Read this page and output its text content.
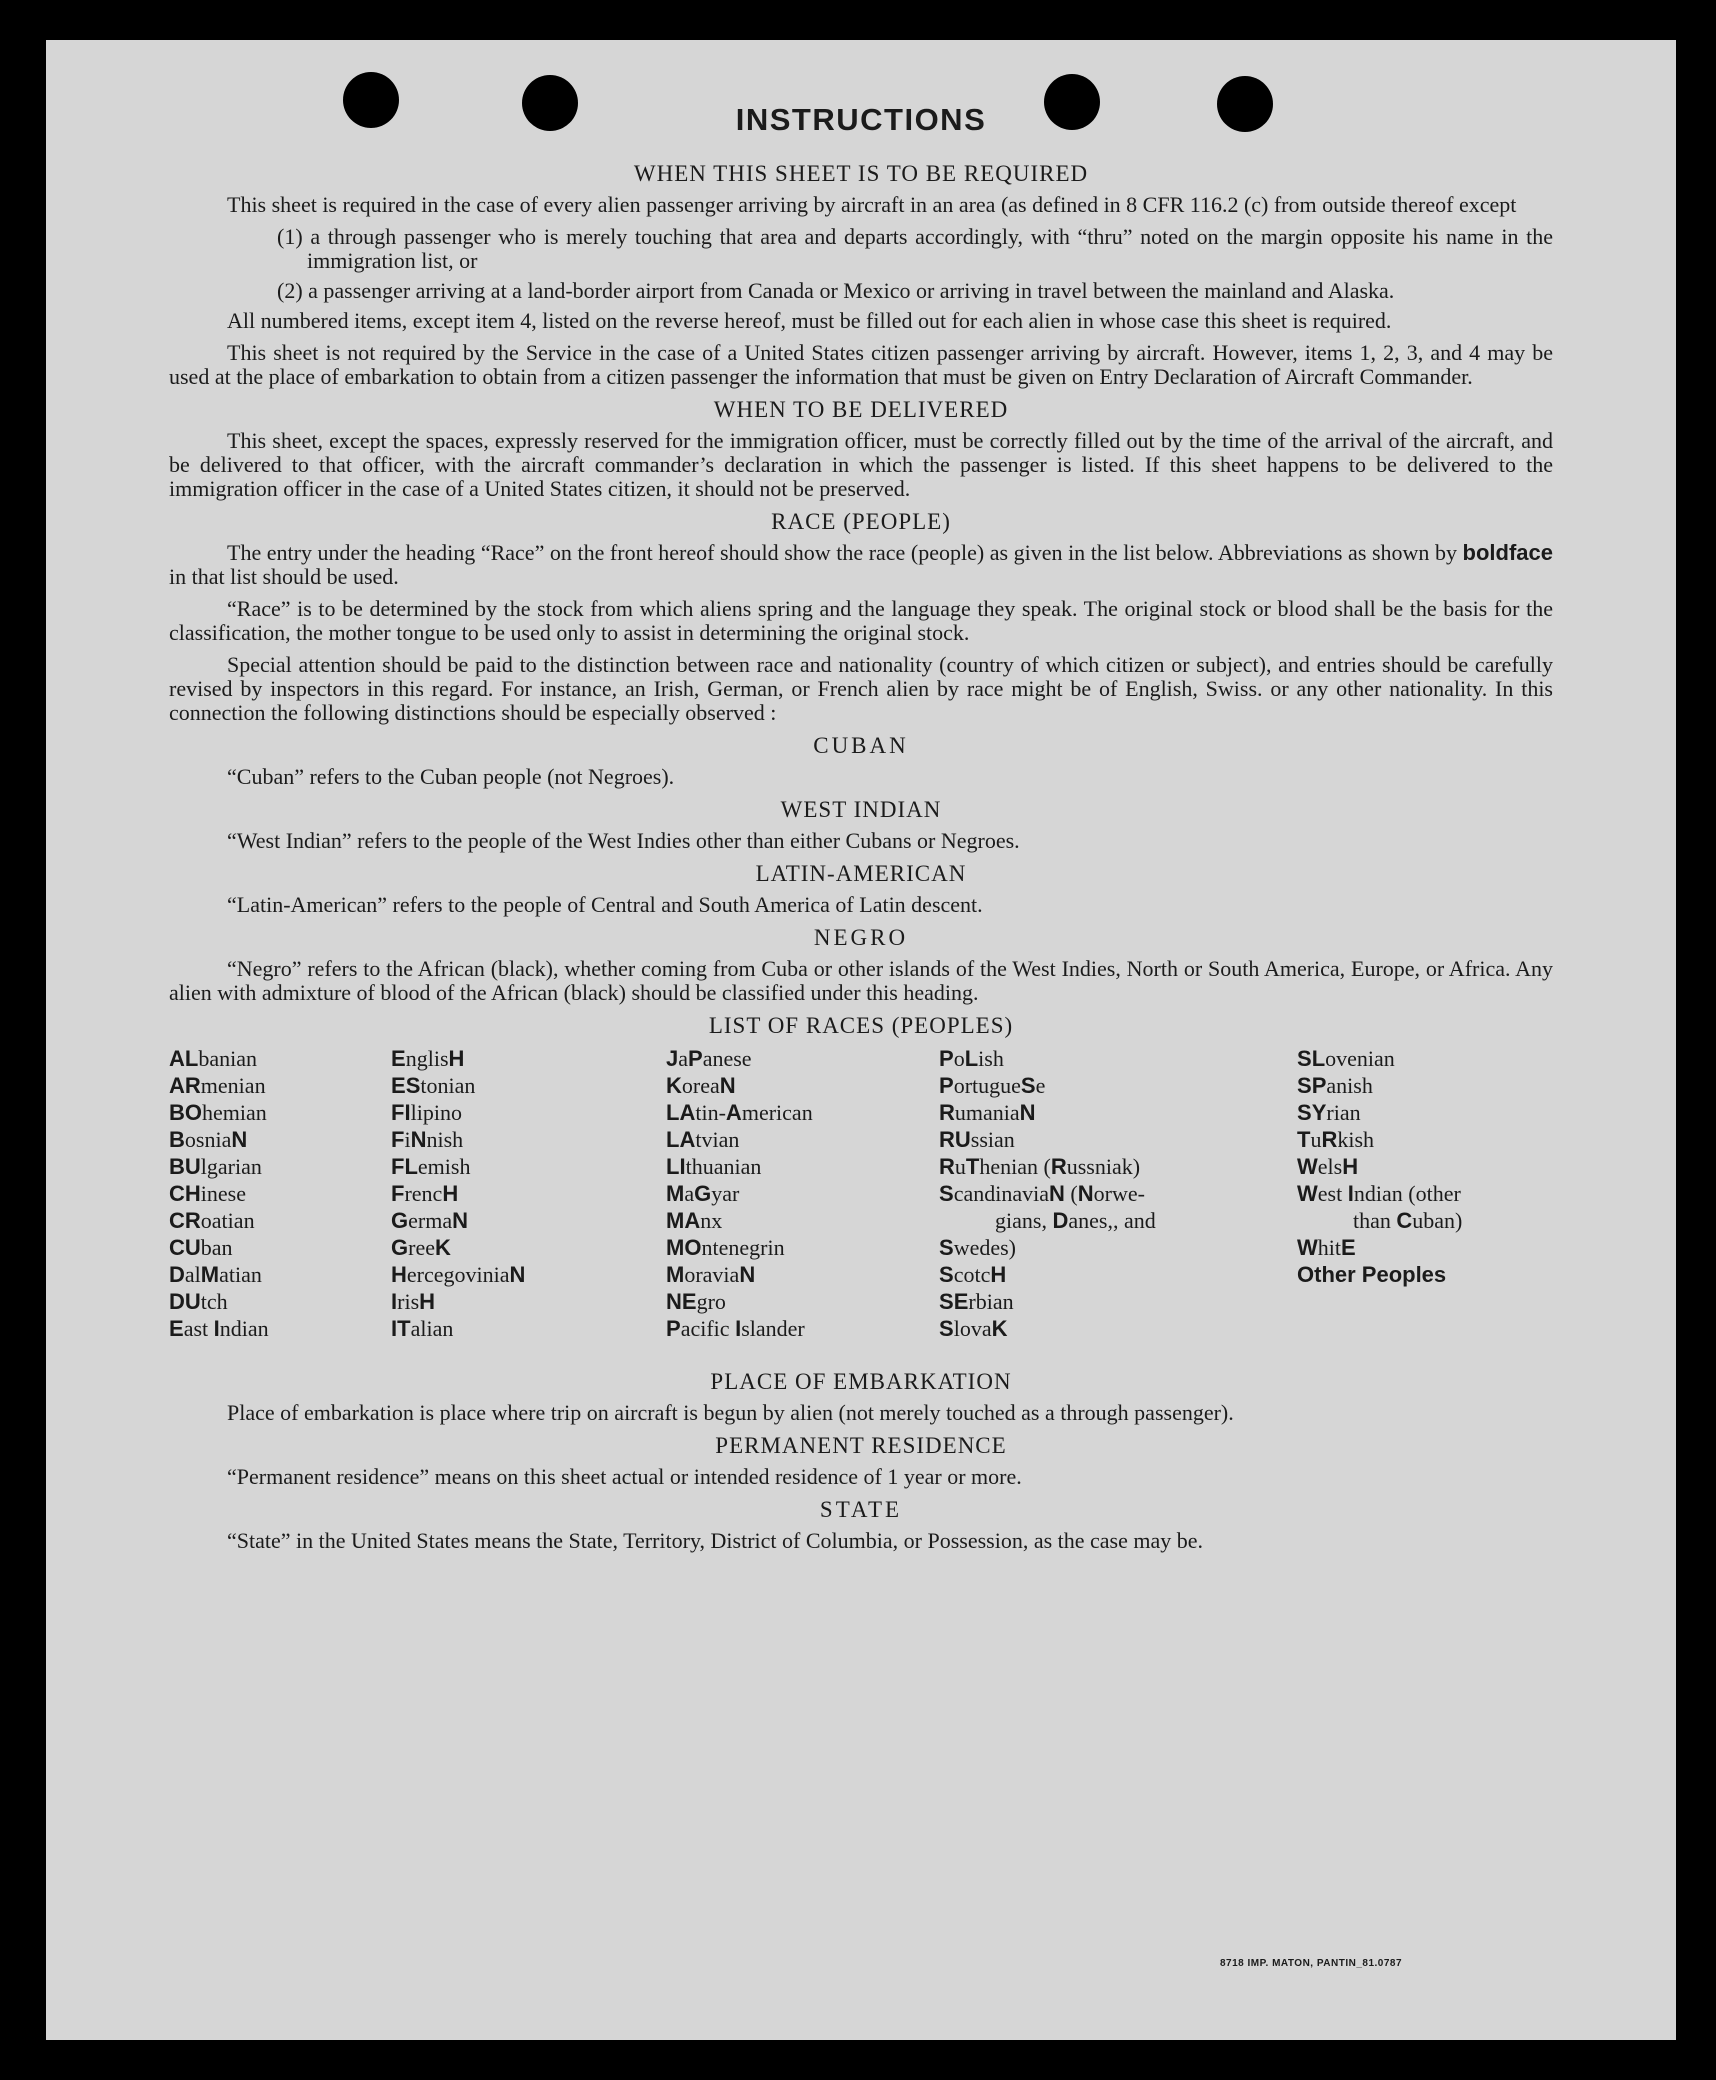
INSTRUCTIONS
WHEN THIS SHEET IS TO BE REQUIRED

This sheet is required in the case of every alien passenger arriving by aircraft in an area (as defined in 8 CFR 116.2 (c) from outside thereof except

(1) a through passenger who is merely touching that area and departs accordingly, with “thru” noted on the margin opposite his name in the immigration list, or

(2) a passenger arriving at a land-border airport from Canada or Mexico or arriving in travel between the mainland and Alaska.

All numbered items, except item 4, listed on the reverse hereof, must be filled out for each alien in whose case this sheet is required.

This sheet is not required by the Service in the case of a United States citizen passenger arriving by aircraft. However, items 1, 2, 3, and 4 may be used at the place of embarkation to obtain from a citizen passenger the information that must be given on Entry Declaration of Aircraft Commander.

WHEN TO BE DELIVERED

This sheet, except the spaces, expressly reserved for the immigration officer, must be correctly filled out by the time of the arrival of the aircraft, and be delivered to that officer, with the aircraft commander’s declaration in which the passenger is listed. If this sheet happens to be delivered to the immigration officer in the case of a United States citizen, it should not be preserved.

RACE (PEOPLE)

The entry under the heading “Race” on the front hereof should show the race (people) as given in the list below. Abbreviations as shown by boldface in that list should be used.

“Race” is to be determined by the stock from which aliens spring and the language they speak. The original stock or blood shall be the basis for the classification, the mother tongue to be used only to assist in determining the original stock.

Special attention should be paid to the distinction between race and nationality (country of which citizen or subject), and entries should be carefully revised by inspectors in this regard. For instance, an Irish, German, or French alien by race might be of English, Swiss. or any other nationality. In this connection the following distinctions should be especially observed :

CUBAN

“Cuban” refers to the Cuban people (not Negroes).

WEST INDIAN

“West Indian” refers to the people of the West Indies other than either Cubans or Negroes.

LATIN-AMERICAN

“Latin-American” refers to the people of Central and South America of Latin descent.

NEGRO

“Negro” refers to the African (black), whether coming from Cuba or other islands of the West Indies, North or South America, Europe, or Africa. Any alien with admixture of blood of the African (black) should be classified under this heading.

LIST OF RACES (PEOPLES)
ALbanian
ARmenian
BOhemian
BosniaN
BUlgarian
CHinese
CRoatian
CUban
DalMatian
DUtch
East Indian
EnglisH
EStonian
FIlipino
FiNnish
FLemish
FrencH
GermaN
GreeK
HercegoviniaN
IrisH
ITalian
JaPanese
KoreaN
LAtin-American
LAtvian
LIthuanian
MaGyar
MAnx
MOntenegrin
MoraviaN
NEgro
Pacific Islander
PoLish
PortugueSe
RumaniaN
RUssian
RuThenian (Russniak)
ScandinaviaN (Norwe-
gians, Danes,, and
Swedes)
ScotcH
SErbian
SlovaK
SLovenian
SPanish
SYrian
TuRkish
WelsH
West Indian (other
than Cuban)
WhitE
Other Peoples
PLACE OF EMBARKATION

Place of embarkation is place where trip on aircraft is begun by alien (not merely touched as a through passenger).

PERMANENT RESIDENCE

“Permanent residence” means on this sheet actual or intended residence of 1 year or more.

STATE

“State” in the United States means the State, Territory, District of Columbia, or Possession, as the case may be.

8718 IMP. MATON, PANTIN_81.0787
